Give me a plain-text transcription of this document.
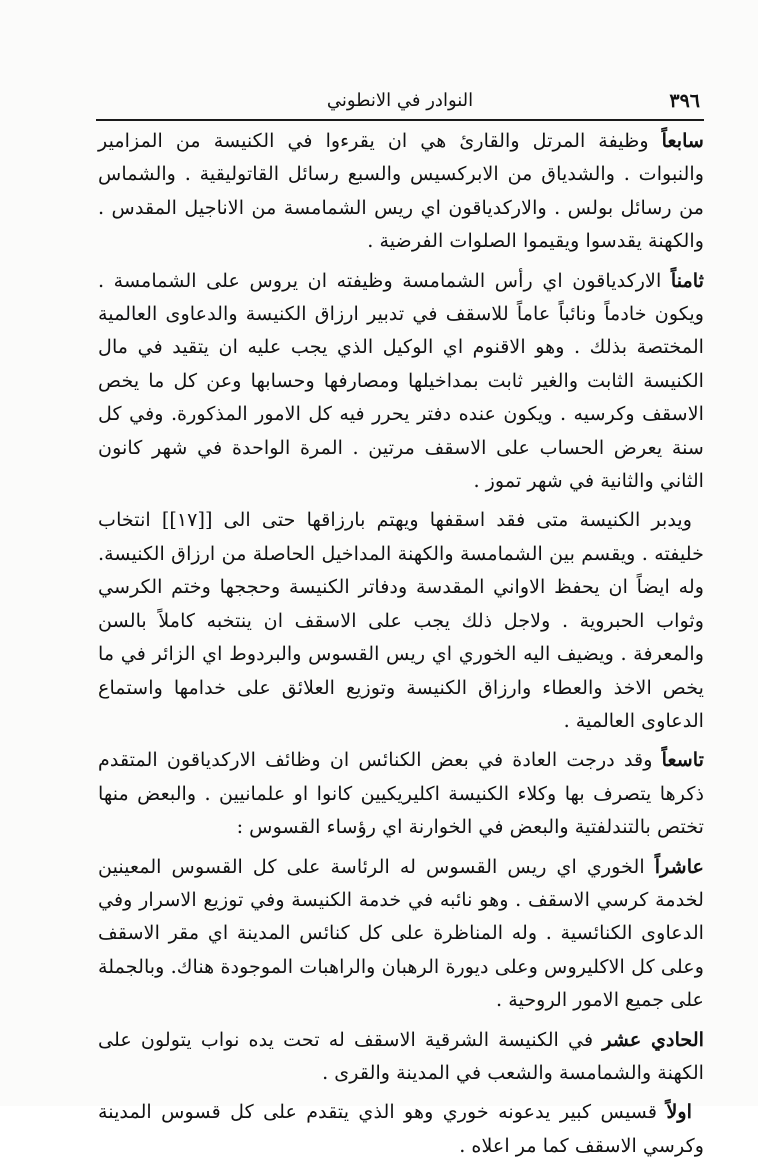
٣٩٦
النوادر في الانطوني

سابعاً وظيفة المرتل والقارئ هي ان يقرءوا في الكنيسة من المزامير والنبوات . والشدياق من الابركسيس والسبع رسائل القاتوليقية . والشماس من رسائل بولس . والاركدياقون اي ريس الشمامسة من الاناجيل المقدس . والكهنة يقدسوا ويقيموا الصلوات الفرضية .

ثامناً الاركدياقون اي رأس الشمامسة وظيفته ان يروس على الشمامسة . ويكون خادماً ونائباً عاماً للاسقف في تدبير ارزاق الكنيسة والدعاوى العالمية المختصة بذلك . وهو الاقنوم اي الوكيل الذي يجب عليه ان يتقيد في مال الكنيسة الثابت والغير ثابت بمداخيلها ومصارفها وحسابها وعن كل ما يخص الاسقف وكرسيه . ويكون عنده دفتر يحرر فيه كل الامور المذكورة. وفي كل سنة يعرض الحساب على الاسقف مرتين . المرة الواحدة في شهر كانون الثاني والثانية في شهر تموز .

ويدبر الكنيسة متى فقد اسقفها ويهتم بارزاقها حتى الى [[١٧]] انتخاب خليفته . ويقسم بين الشمامسة والكهنة المداخيل الحاصلة من ارزاق الكنيسة. وله ايضاً ان يحفظ الاواني المقدسة ودفاتر الكنيسة وحججها وختم الكرسي وثواب الحبروية . ولاجل ذلك يجب على الاسقف ان ينتخبه كاملاً بالسن والمعرفة . ويضيف اليه الخوري اي ريس القسوس والبردوط اي الزائر في ما يخص الاخذ والعطاء وارزاق الكنيسة وتوزيع العلائق على خدامها واستماع الدعاوى العالمية .

تاسعاً وقد درجت العادة في بعض الكنائس ان وظائف الاركدياقون المتقدم ذكرها يتصرف بها وكلاء الكنيسة اكليريكيين كانوا او علمانيين . والبعض منها تختص بالتندلفتية والبعض في الخوارنة اي رؤساء القسوس :

عاشراً الخوري اي ريس القسوس له الرئاسة على كل القسوس المعينين لخدمة كرسي الاسقف . وهو نائبه في خدمة الكنيسة وفي توزيع الاسرار وفي الدعاوى الكنائسية . وله المناظرة على كل كنائس المدينة اي مقر الاسقف وعلى كل الاكليروس وعلى ديورة الرهبان والراهبات الموجودة هناك. وبالجملة على جميع الامور الروحية .

الحادي عشر في الكنيسة الشرقية الاسقف له تحت يده نواب يتولون على الكهنة والشمامسة والشعب في المدينة والقرى .

اولاً قسيس كبير يدعونه خوري وهو الذي يتقدم على كل قسوس المدينة وكرسي الاسقف كما مر اعلاه .
